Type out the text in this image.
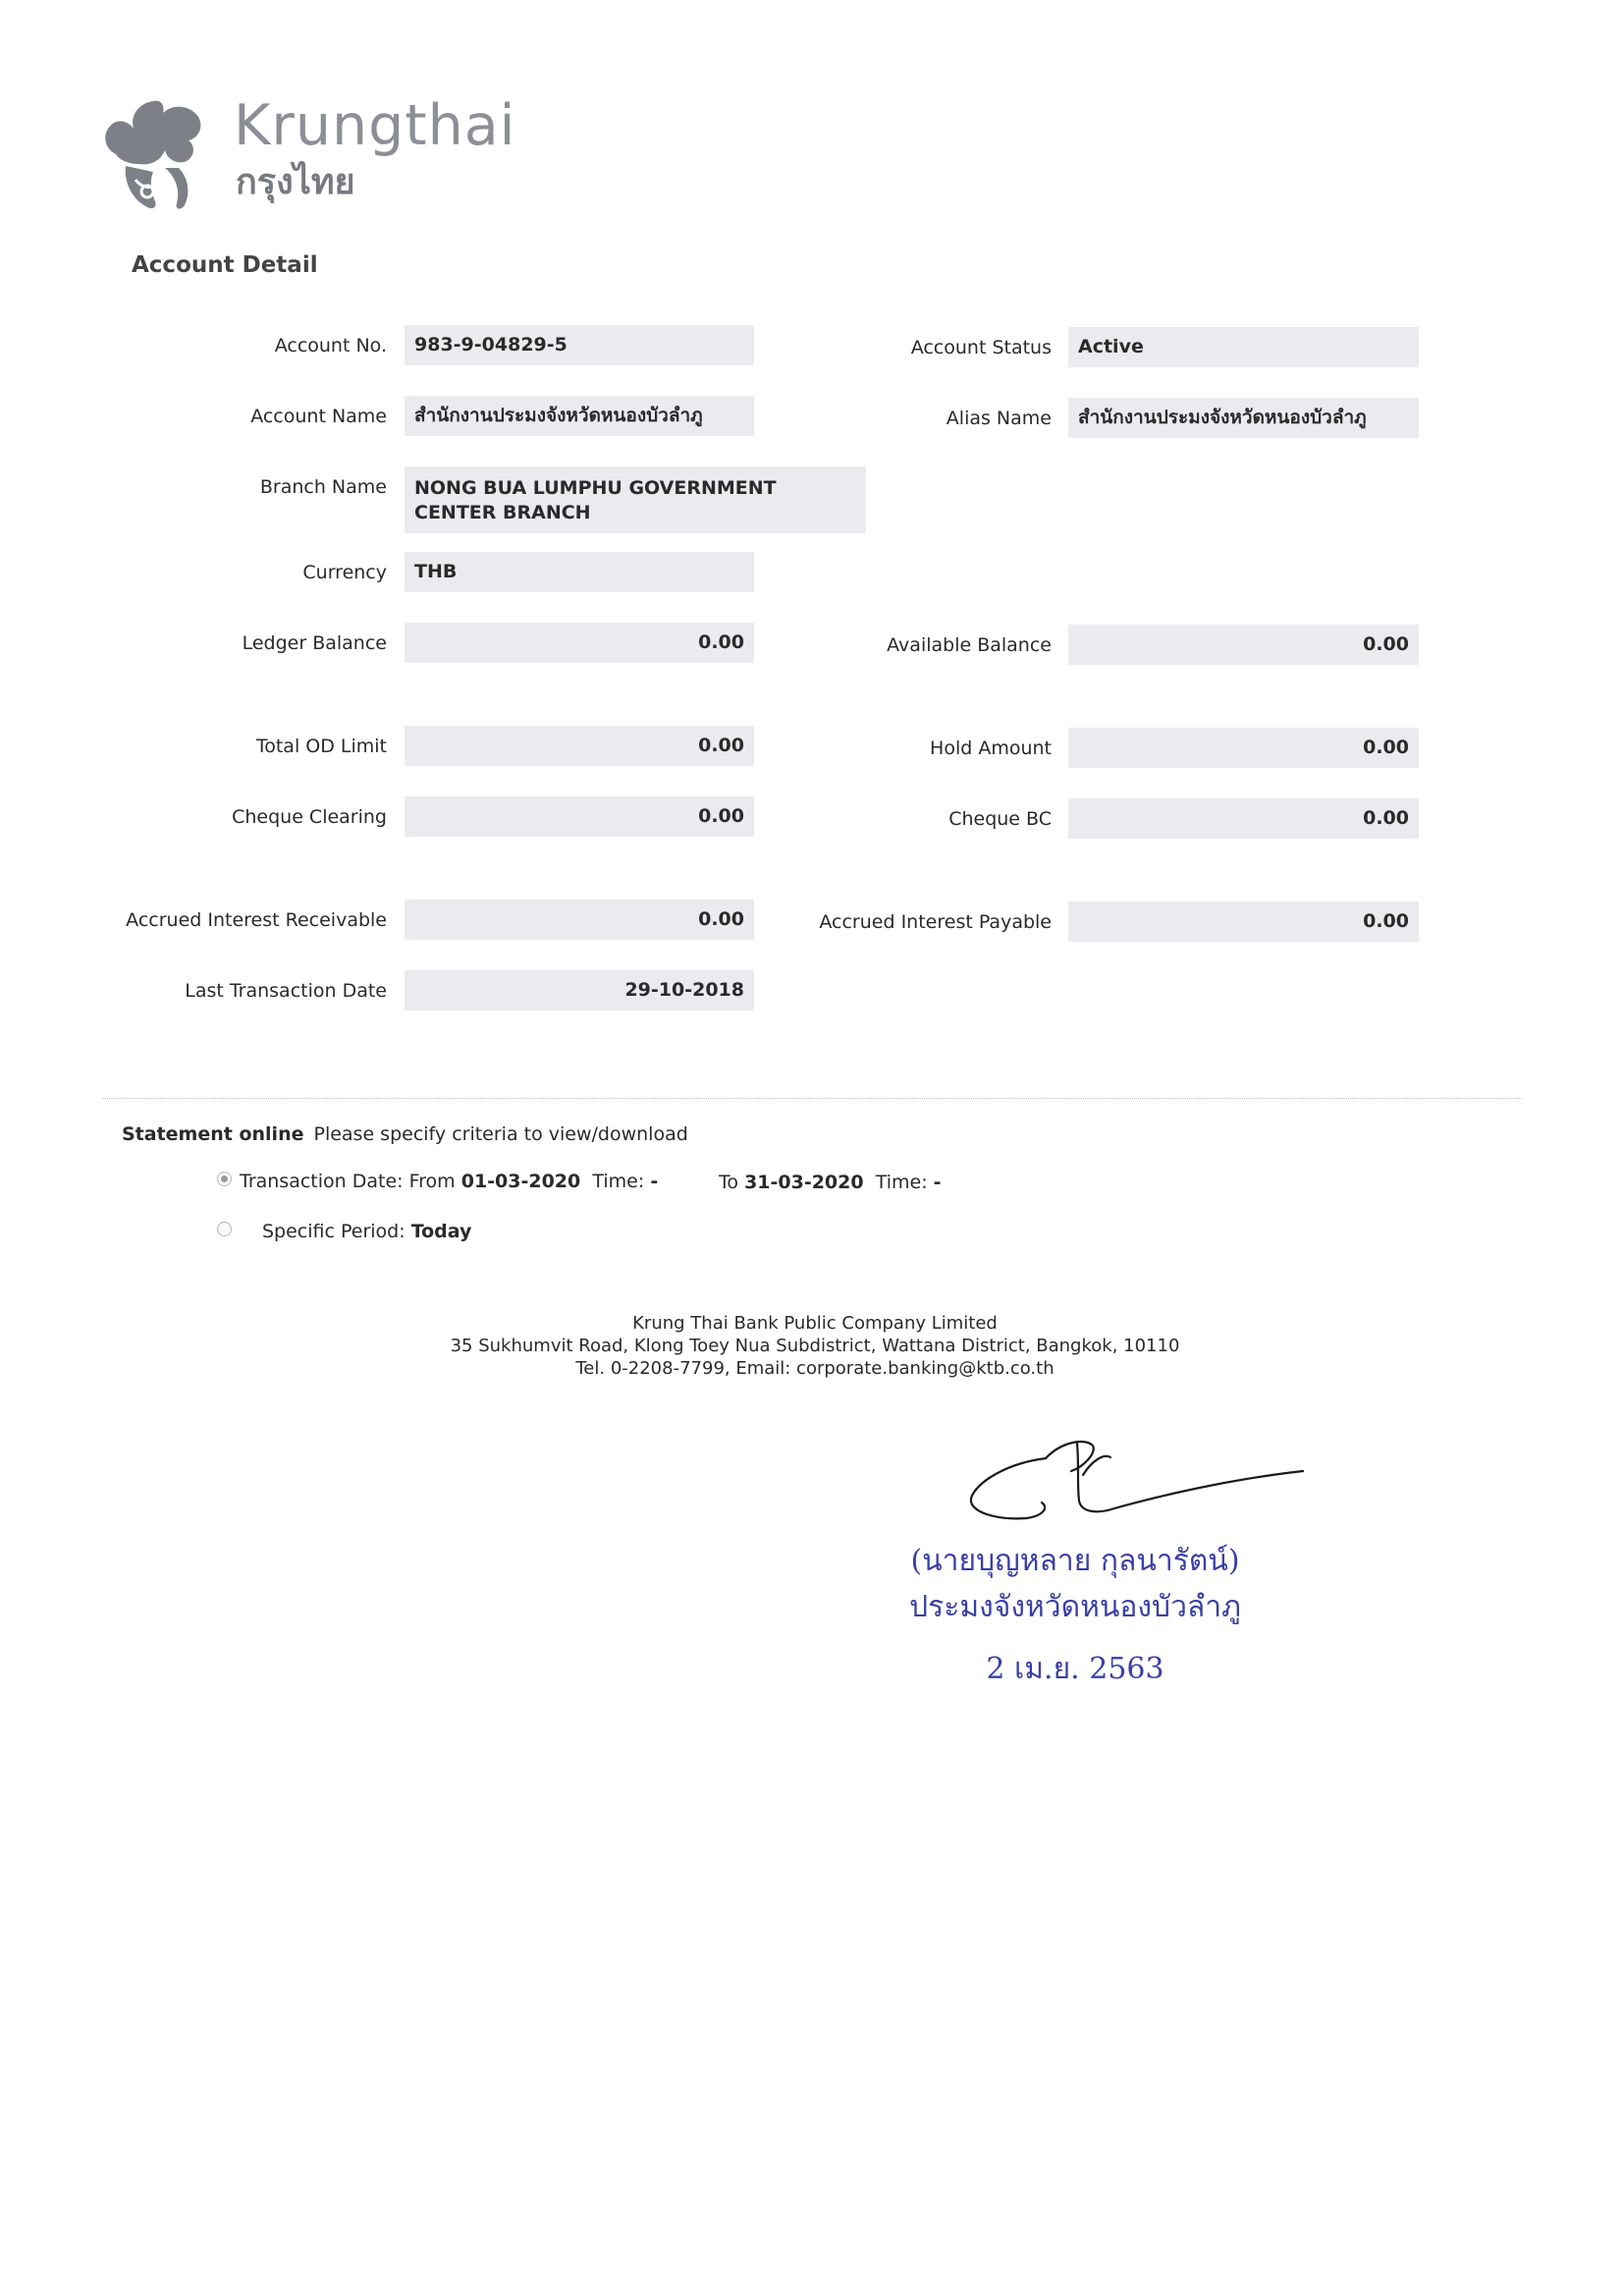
Krungthai
กรุงไทย
Account Detail
Account No.	983-9-04829-5
Account Name	สำนักงานประมงจังหวัดหนองบัวลำภู
Branch Name	NONG BUA LUMPHU GOVERNMENT CENTER BRANCH
Currency	THB
Ledger Balance	0.00
Total OD Limit	0.00
Cheque Clearing	0.00
Accrued Interest Receivable	0.00
Last Transaction Date	29-10-2018
Account Status	Active
Alias Name	สำนักงานประมงจังหวัดหนองบัวลำภู
Available Balance	0.00
Hold Amount	0.00
Cheque BC	0.00
Accrued Interest Payable	0.00
Statement online Please specify criteria to view/download
Transaction Date: From 01-03-2020 Time: -	To 31-03-2020 Time: -
Specific Period: Today
Krung Thai Bank Public Company Limited
35 Sukhumvit Road, Klong Toey Nua Subdistrict, Wattana District, Bangkok, 10110
Tel. 0-2208-7799, Email: corporate.banking@ktb.co.th
(นายบุญหลาย กุลนารัตน์)
ประมงจังหวัดหนองบัวลำภู
2 เม.ย. 2563
